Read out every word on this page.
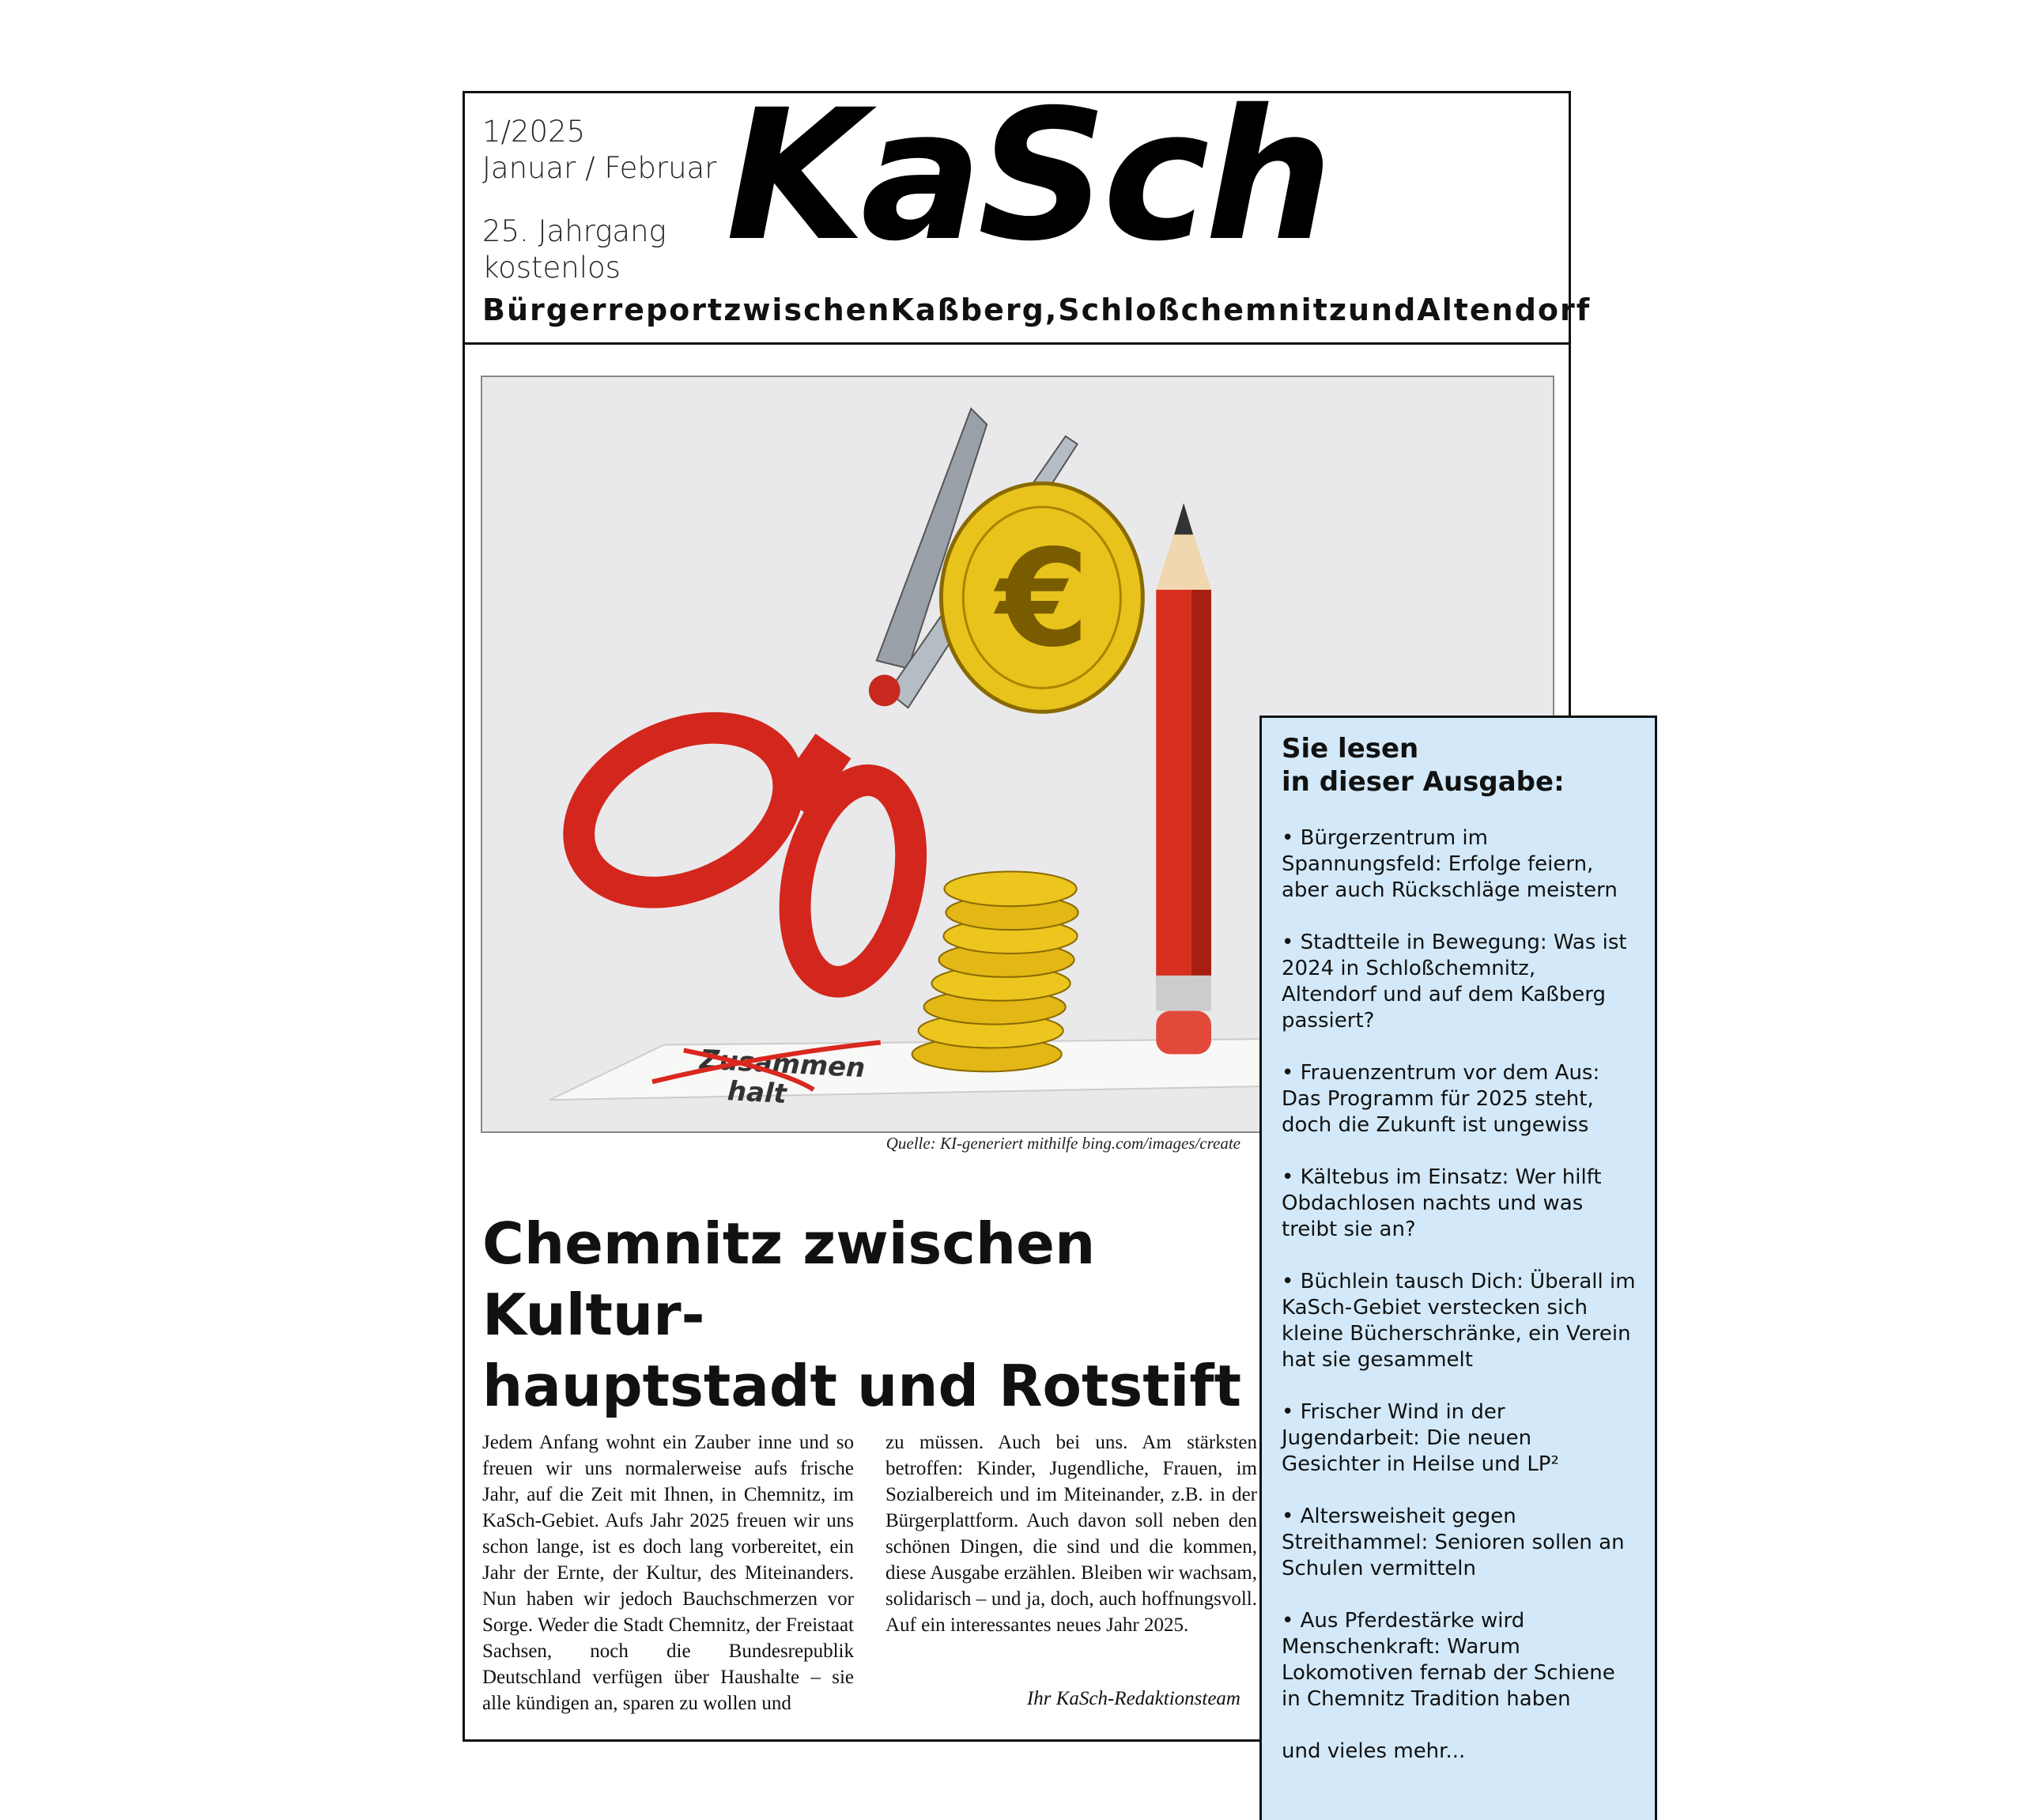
1/2025
Januar / Februar
25. Jahrgang
kostenlos KaSch
Bürgerreport zwischen Kaßberg, Schloßchemnitz und Altendorf
Zusammen
halt
€
Quelle: KI-generiert mithilfe bing.com/images/create
Chemnitz zwischen Kultur-
hauptstadt und Rotstift
Jedem Anfang wohnt ein Zauber inne und so freuen wir uns normalerweise aufs frische Jahr, auf die Zeit mit Ihnen, in Chemnitz, im KaSch-Gebiet. Aufs Jahr 2025 freuen wir uns schon lange, ist es doch lang vorbereitet, ein Jahr der Ernte, der Kultur, des Miteinanders. Nun haben wir jedoch Bauchschmerzen vor Sorge. Weder die Stadt Chemnitz, der Freistaat Sachsen, noch die Bundesrepublik Deutschland verfügen über Haushalte – sie alle kündigen an, sparen zu wollen und
zu müssen. Auch bei uns. Am stärksten betroffen: Kinder, Jugendliche, Frauen, im Sozialbereich und im Miteinander, z.B. in der Bürgerplattform. Auch davon soll neben den schönen Dingen, die sind und die kommen, diese Ausgabe erzählen. Bleiben wir wachsam, solidarisch – und ja, doch, auch hoffnungsvoll. Auf ein interessantes neues Jahr 2025.
Ihr KaSch-Redaktionsteam
Sie lesen
in dieser Ausgabe:
• Bürgerzentrum im Spannungsfeld: Erfolge feiern, aber auch Rückschläge meistern
• Stadtteile in Bewegung: Was ist 2024 in Schloßchemnitz, Altendorf und auf dem Kaßberg passiert?
• Frauenzentrum vor dem Aus: Das Programm für 2025 steht, doch die Zukunft ist ungewiss
• Kältebus im Einsatz: Wer hilft Obdachlosen nachts und was treibt sie an?
• Büchlein tausch Dich: Überall im KaSch-Gebiet verstecken sich kleine Bücherschränke, ein Verein hat sie gesammelt
• Frischer Wind in der Jugendarbeit: Die neuen Gesichter in Heilse und LP²
• Altersweisheit gegen Streithammel: Senioren sollen an Schulen vermitteln
• Aus Pferdestärke wird Menschenkraft: Warum Lokomotiven fernab der Schiene in Chemnitz Tradition haben
und vieles mehr...
